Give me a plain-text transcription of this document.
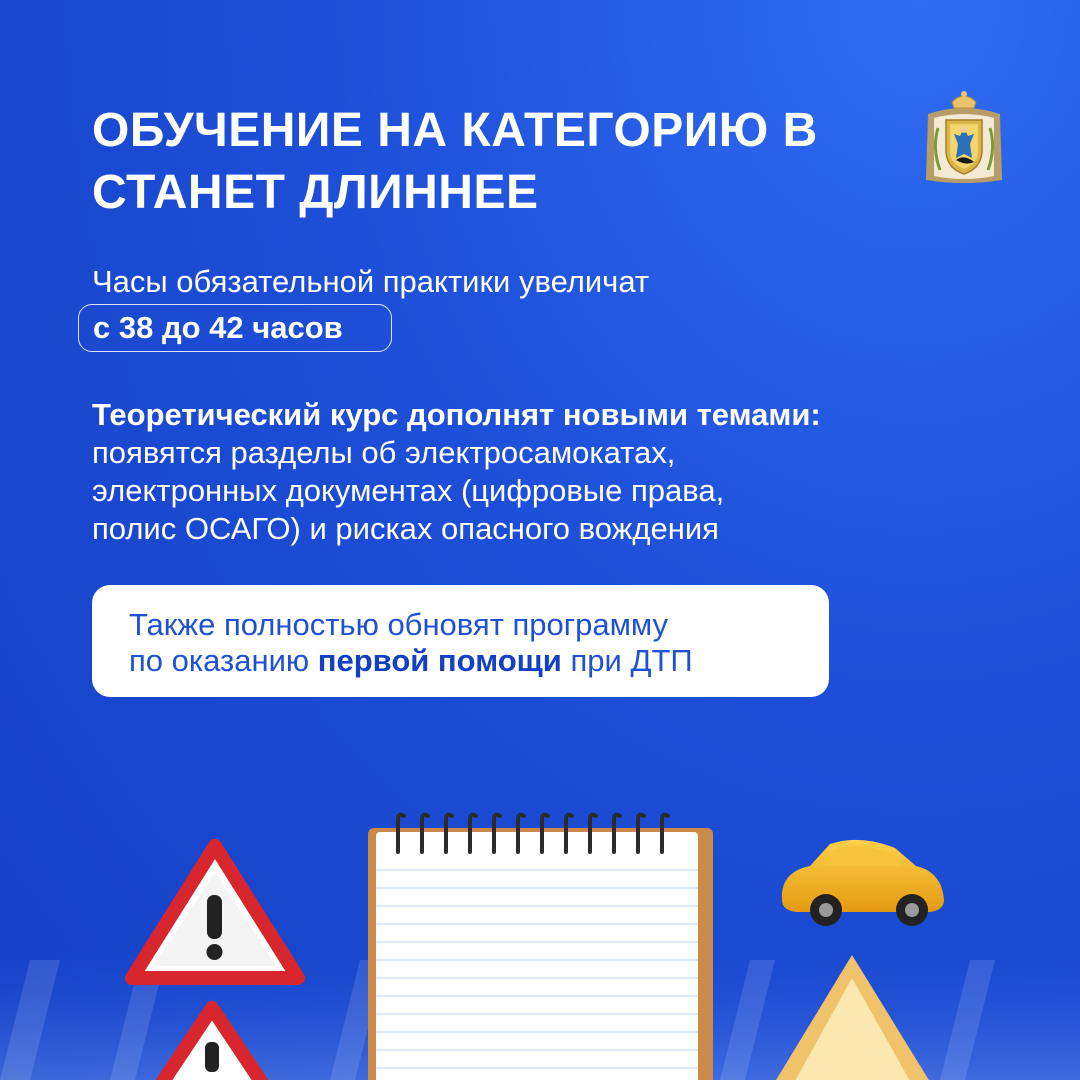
ОБУЧЕНИЕ НА КАТЕГОРИЮ В
СТАНЕТ ДЛИННЕЕ
Часы обязательной практики увеличат
с 38 до 42 часов
Теоретический курс дополнят новыми темами:
появятся разделы об электросамокатах,
электронных документах (цифровые права,
полис ОСАГО) и рисках опасного вождения
Также полностью обновят программу
по оказанию первой помощи при ДТП
